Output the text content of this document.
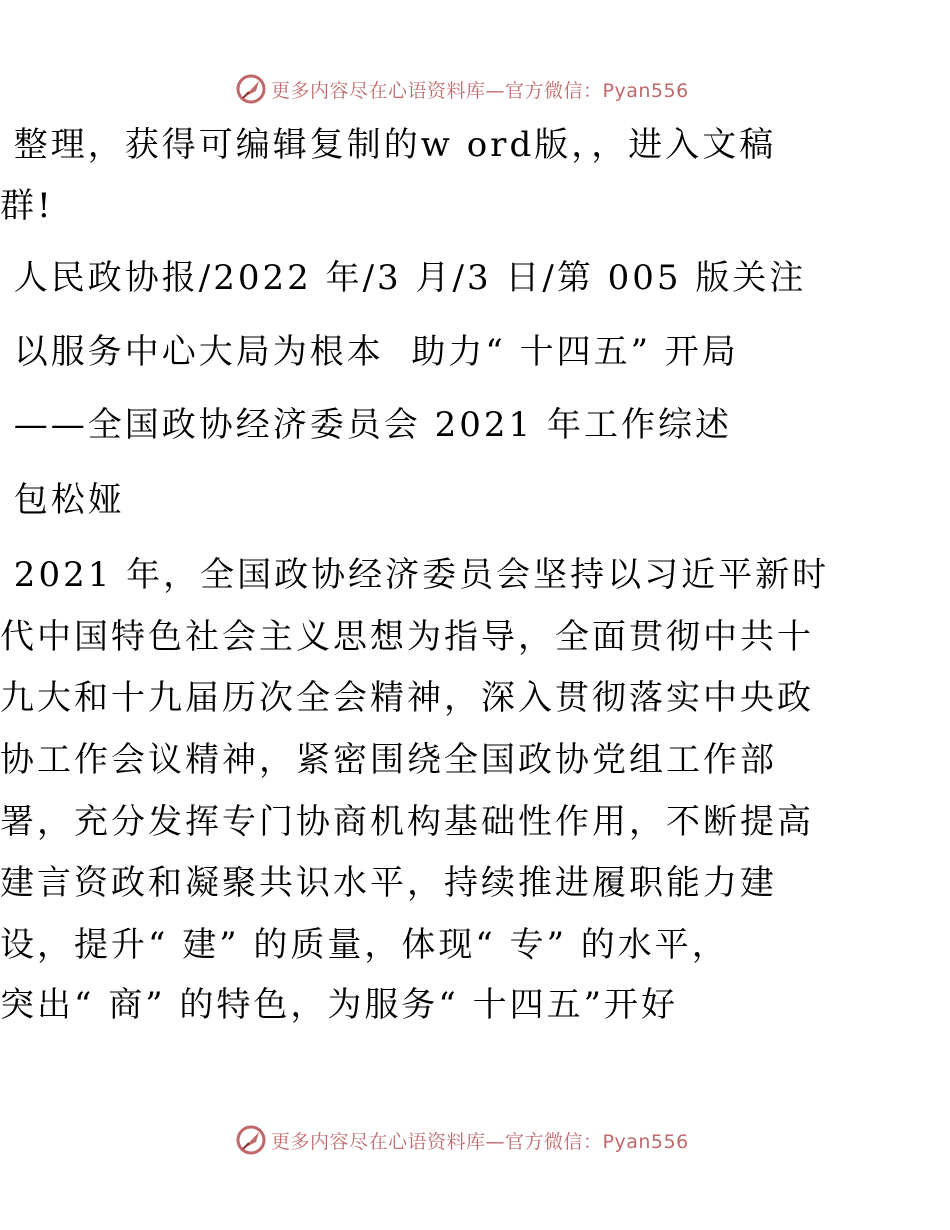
更多内容尽在心语资料库—官方微信：Pyan556
整理，获得可编辑复制的w ord版，，进入文稿
群!
人民政协报/2022 年/3 月/3 日/第 005 版关注
以服务中心大局为根本  助力“ 十四五” 开局
——全国政协经济委员会 2021 年工作综述
包松娅
2021 年，全国政协经济委员会坚持以习近平新时
代中国特色社会主义思想为指导，全面贯彻中共十
九大和十九届历次全会精神，深入贯彻落实中央政
协工作会议精神，紧密围绕全国政协党组工作部
署，充分发挥专门协商机构基础性作用，不断提高
建言资政和凝聚共识水平，持续推进履职能力建
设，提升“ 建” 的质量，体现“ 专” 的水平，
突出“ 商” 的特色，为服务“ 十四五”开好
更多内容尽在心语资料库—官方微信：Pyan556
